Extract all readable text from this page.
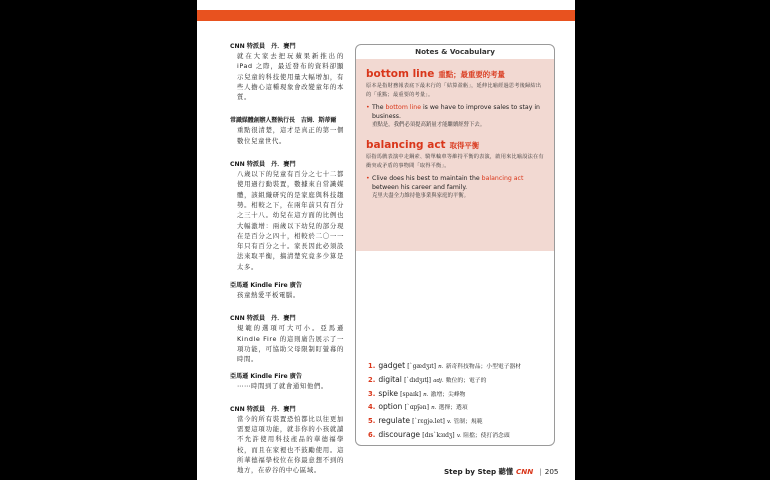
CNN 特派員　丹．賽門
就在大家去把玩蘋果新推出的 iPad 之際，最近發布的資料卻顯示兒童的科技使用量大幅增加，有些人擔心這種現象會改變童年的本質。
常識媒體創辦人暨執行長　吉姆．斯蒂爾
重點很清楚，這才是真正的第一個數位兒童世代。
CNN 特派員　丹．賽門
八歲以下的兒童有百分之七十二都使用過行動裝置，數據來自常識媒體，該組織研究的是家庭與科技趨勢。相較之下，在兩年前只有百分之三十八。幼兒在這方面的比例也大幅激增：兩歲以下幼兒的部分現在是百分之四十，相較於二〇一一年只有百分之十。家長因此必須設法來取平衡，搞清楚究竟多少算是太多。
亞馬遜 Kindle Fire 廣告
孩童熱愛平板電腦。
CNN 特派員　丹．賽門
規範的選項可大可小。亞馬遜 Kindle Fire 的這則廣告展示了一項功能，可協助父母限制盯螢幕的時間。
亞馬遜 Kindle Fire 廣告
⋯⋯時間到了就會通知他們。
CNN 特派員　丹．賽門
當今的所有裝置恐怕都比以往更加需要這項功能，就非你的小孩就讀不允許使用科技產品的華德福學校，而且在家裡也不鼓勵使用。這所華德福學校位在你最意想不到的地方，在矽谷的中心區域。
Notes & Vocabulary
bottom line 重點；最重要的考量
原本是指財務報表底下最末行的「結算盈虧」，延伸比喻經過思考後歸結出的「重點；最重要的考量」。
• The bottom line is we have to improve sales to stay in business.
重點是，我們必須提高銷量才能繼續經營下去。
balancing act 取得平衡
原指馬戲表演中走鋼索、騎單輪車等維持平衡的表演，啟用來比喻設法在有衝突或矛盾的事物間「取得平衡」。
• Clive does his best to maintain the balancing act between his career and family.
克里夫盡全力維持他事業與家庭的平衡。
1. gadget [ˋgædʒɪt] n. 新奇科技物品；小型電子器材
2. digital [ˋdɪdʒɪtl̩] adj. 數位的；電子的
3. spike [spaɪk] n. 激增；尖峰物
4. option [ˋɑpʃən] n. 選擇；選項
5. regulate [ˋrɛgjə.let] v. 管制；規範
6. discourage [dɪsˋkɜɪdʒ] v. 阻擋；使打消念頭
Step by Step 聽懂 CNN | 205
